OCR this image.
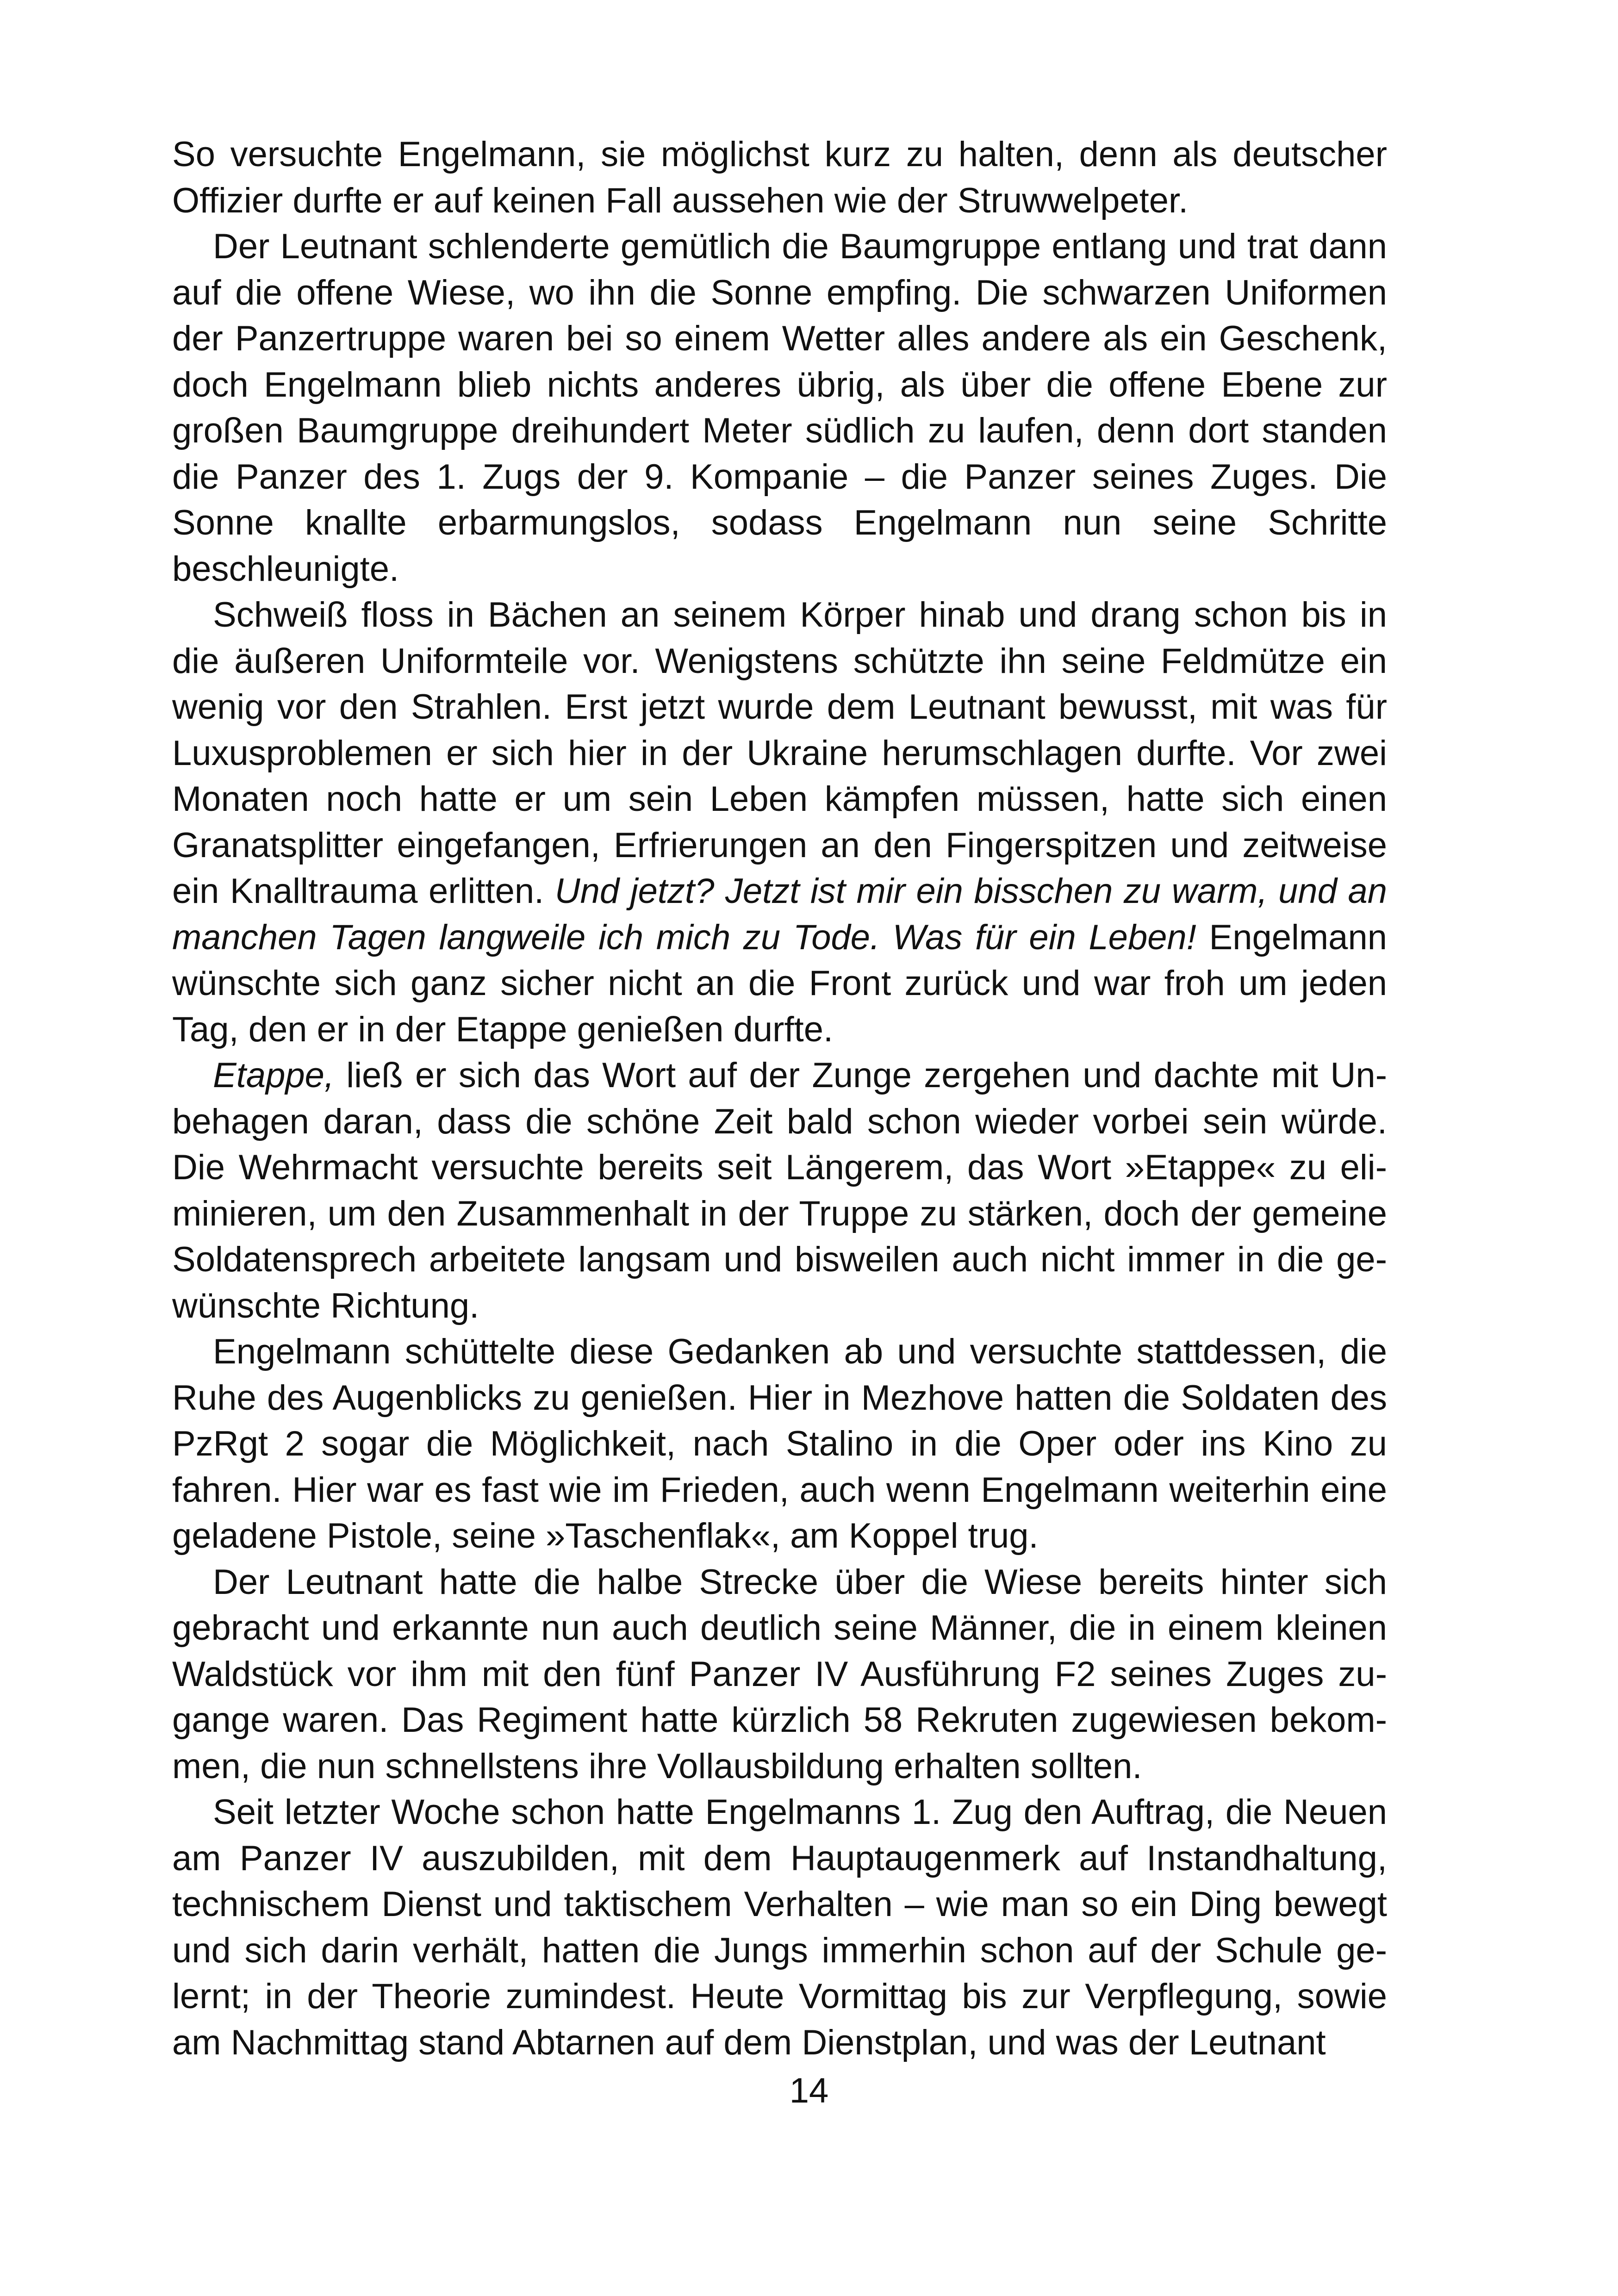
So versuchte Engelmann, sie möglichst kurz zu halten, denn als deutscher Offizier durfte er auf keinen Fall aussehen wie der Struwwelpeter.

Der Leutnant schlenderte gemütlich die Baumgruppe entlang und trat dann auf die offene Wiese, wo ihn die Sonne empfing. Die schwarzen Uniformen der Panzertruppe waren bei so einem Wetter alles andere als ein Geschenk, doch Engelmann blieb nichts anderes übrig, als über die offene Ebene zur großen Baumgruppe dreihundert Meter südlich zu laufen, denn dort standen die Panzer des 1. Zugs der 9. Kompanie – die Panzer seines Zuges. Die Sonne knallte erbarmungslos, sodass Engelmann nun seine Schritte beschleunigte.

Schweiß floss in Bächen an seinem Körper hinab und drang schon bis in die äußeren Uniformteile vor. Wenigstens schützte ihn seine Feldmütze ein wenig vor den Strahlen. Erst jetzt wurde dem Leutnant bewusst, mit was für Luxusproblemen er sich hier in der Ukraine herumschlagen durfte. Vor zwei Monaten noch hatte er um sein Leben kämpfen müssen, hatte sich einen Granatsplitter eingefangen, Erfrierungen an den Fingerspitzen und zeitweise ein Knalltrauma erlitten. Und jetzt? Jetzt ist mir ein bisschen zu warm, und an manchen Tagen langweile ich mich zu Tode. Was für ein Leben! Engelmann wünschte sich ganz sicher nicht an die Front zurück und war froh um jeden Tag, den er in der Etappe genießen durfte.

Etappe, ließ er sich das Wort auf der Zunge zergehen und dachte mit Unbehagen daran, dass die schöne Zeit bald schon wieder vorbei sein würde. Die Wehrmacht versuchte bereits seit Längerem, das Wort »Etappe« zu eliminieren, um den Zusammenhalt in der Truppe zu stärken, doch der gemeine Soldatensprech arbeitete langsam und bisweilen auch nicht immer in die gewünschte Richtung.

Engelmann schüttelte diese Gedanken ab und versuchte stattdessen, die Ruhe des Augenblicks zu genießen. Hier in Mezhove hatten die Soldaten des PzRgt 2 sogar die Möglichkeit, nach Stalino in die Oper oder ins Kino zu fahren. Hier war es fast wie im Frieden, auch wenn Engelmann weiterhin eine geladene Pistole, seine »Taschenflak«, am Koppel trug.

Der Leutnant hatte die halbe Strecke über die Wiese bereits hinter sich gebracht und erkannte nun auch deutlich seine Männer, die in einem kleinen Waldstück vor ihm mit den fünf Panzer IV Ausführung F2 seines Zuges zugange waren. Das Regiment hatte kürzlich 58 Rekruten zugewiesen bekommen, die nun schnellstens ihre Vollausbildung erhalten sollten.

Seit letzter Woche schon hatte Engelmanns 1. Zug den Auftrag, die Neuen am Panzer IV auszubilden, mit dem Hauptaugenmerk auf Instandhaltung, technischem Dienst und taktischem Verhalten – wie man so ein Ding bewegt und sich darin verhält, hatten die Jungs immerhin schon auf der Schule gelernt; in der Theorie zumindest. Heute Vormittag bis zur Verpflegung, sowie am Nachmittag stand Abtarnen auf dem Dienstplan, und was der Leutnant

14
